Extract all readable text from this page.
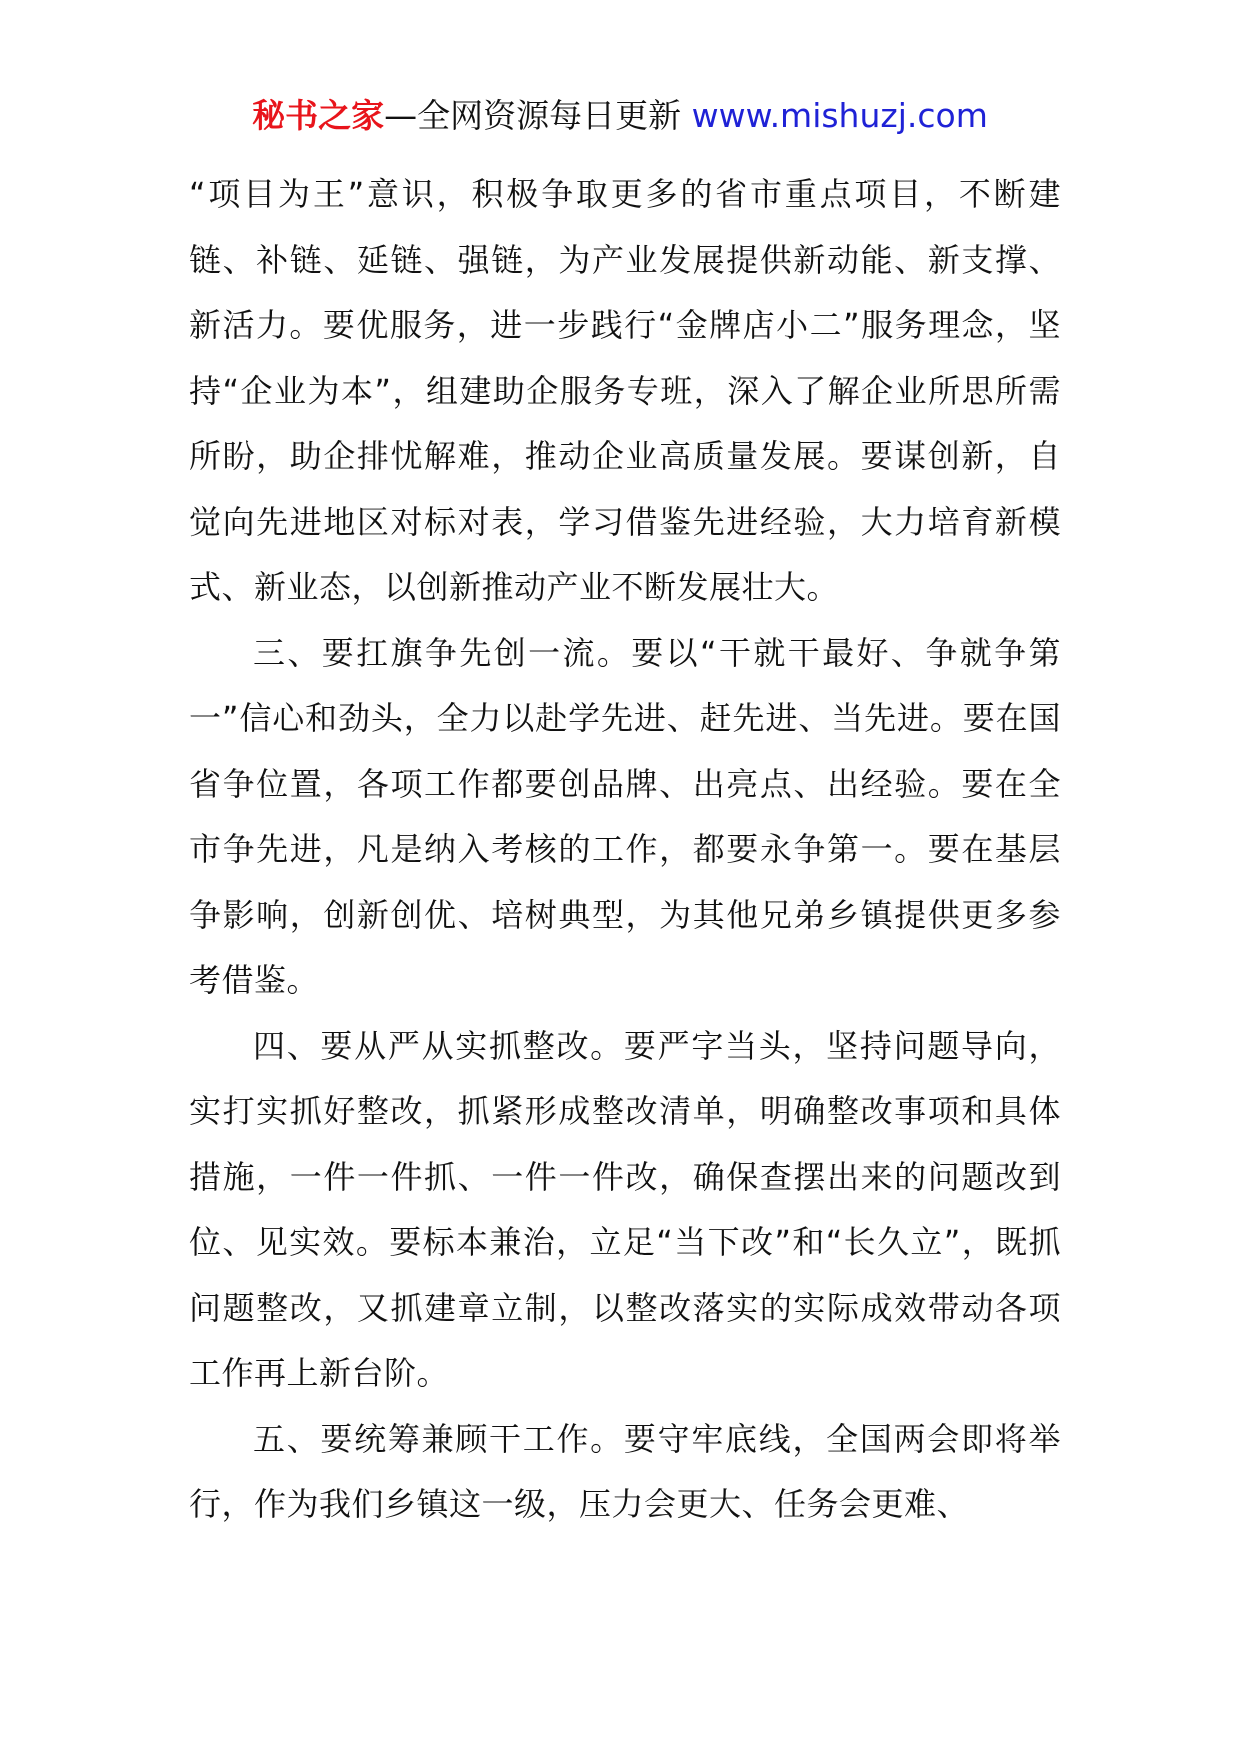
秘书之家—全网资源每日更新 www.mishuzj.com

“项目为王”意识，积极争取更多的省市重点项目，不断建链、补链、延链、强链，为产业发展提供新动能、新支撑、新活力。要优服务，进一步践行“金牌店小二”服务理念，坚持“企业为本”，组建助企服务专班，深入了解企业所思所需所盼，助企排忧解难，推动企业高质量发展。要谋创新，自觉向先进地区对标对表，学习借鉴先进经验，大力培育新模式、新业态，以创新推动产业不断发展壮大。

三、要扛旗争先创一流。要以“干就干最好、争就争第一”信心和劲头，全力以赴学先进、赶先进、当先进。要在国省争位置，各项工作都要创品牌、出亮点、出经验。要在全市争先进，凡是纳入考核的工作，都要永争第一。要在基层争影响，创新创优、培树典型，为其他兄弟乡镇提供更多参考借鉴。

四、要从严从实抓整改。要严字当头，坚持问题导向，实打实抓好整改，抓紧形成整改清单，明确整改事项和具体措施，一件一件抓、一件一件改，确保查摆出来的问题改到位、见实效。要标本兼治，立足“当下改”和“长久立”，既抓问题整改，又抓建章立制，以整改落实的实际成效带动各项工作再上新台阶。

五、要统筹兼顾干工作。要守牢底线，全国两会即将举行，作为我们乡镇这一级，压力会更大、任务会更难、
